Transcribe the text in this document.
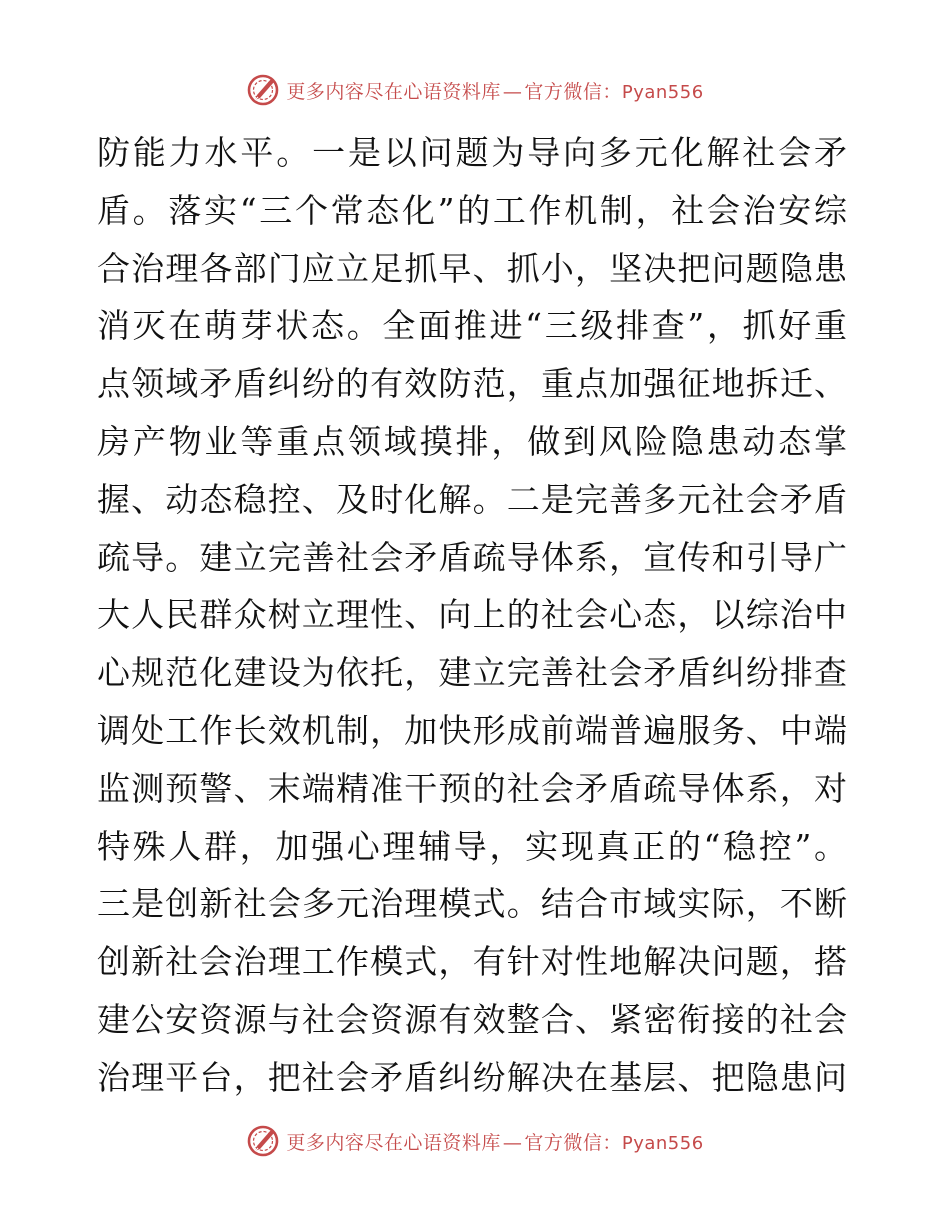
更多内容尽在心语资料库 — 官方微信： Pyan556
防能力水平。一是以问题为导向多元化解社会矛
盾。落实“三个常态化”的工作机制，社会治安综
合治理各部门应立足抓早、抓小，坚决把问题隐患
消灭在萌芽状态。全面推进“三级排查”，抓好重
点领域矛盾纠纷的有效防范，重点加强征地拆迁、
房产物业等重点领域摸排，做到风险隐患动态掌
握、动态稳控、及时化解。二是完善多元社会矛盾
疏导。建立完善社会矛盾疏导体系，宣传和引导广
大人民群众树立理性、向上的社会心态，以综治中
心规范化建设为依托，建立完善社会矛盾纠纷排查
调处工作长效机制，加快形成前端普遍服务、中端
监测预警、末端精准干预的社会矛盾疏导体系，对
特殊人群，加强心理辅导，实现真正的“稳控”。
三是创新社会多元治理模式。结合市域实际，不断
创新社会治理工作模式，有针对性地解决问题，搭
建公安资源与社会资源有效整合、紧密衔接的社会
治理平台，把社会矛盾纠纷解决在基层、把隐患问
更多内容尽在心语资料库 — 官方微信： Pyan556
